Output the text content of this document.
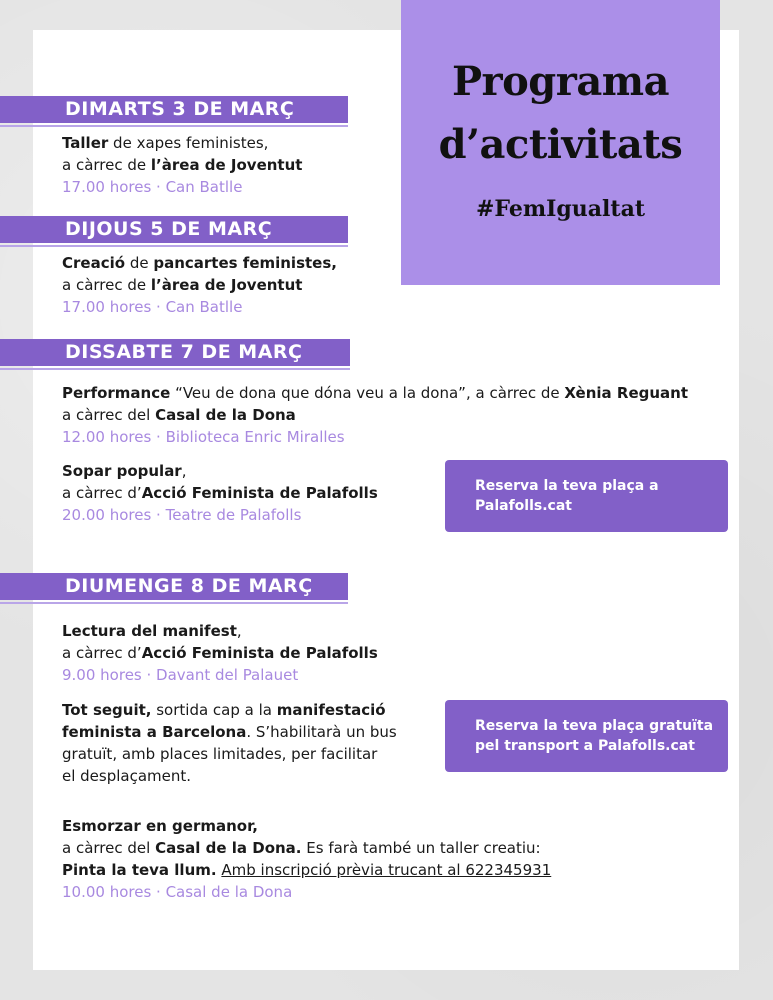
Programa
d’activitats
#FemIgualtat
DIMARTS 3 DE MARÇ
Taller de xapes feministes,
a càrrec de l’àrea de Joventut
17.00 hores · Can Batlle
DIJOUS 5 DE MARÇ
Creació de pancartes feministes,
a càrrec de l’àrea de Joventut
17.00 hores · Can Batlle
DISSABTE 7 DE MARÇ
Performance “Veu de dona que dóna veu a la dona”, a càrrec de Xènia Reguant
a càrrec del Casal de la Dona
12.00 hores · Biblioteca Enric Miralles
Sopar popular,
a càrrec d’Acció Feminista de Palafolls
20.00 hores · Teatre de Palafolls
Reserva la teva plaça a
Palafolls.cat
DIUMENGE 8 DE MARÇ
Lectura del manifest,
a càrrec d’Acció Feminista de Palafolls
9.00 hores · Davant del Palauet
Tot seguit, sortida cap a la manifestació
feminista a Barcelona. S’habilitarà un bus
gratuït, amb places limitades, per facilitar
el desplaçament.
Reserva la teva plaça gratuïta
pel transport a Palafolls.cat
Esmorzar en germanor,
a càrrec del Casal de la Dona. Es farà també un taller creatiu:
Pinta la teva llum. Amb inscripció prèvia trucant al 622345931
10.00 hores · Casal de la Dona
